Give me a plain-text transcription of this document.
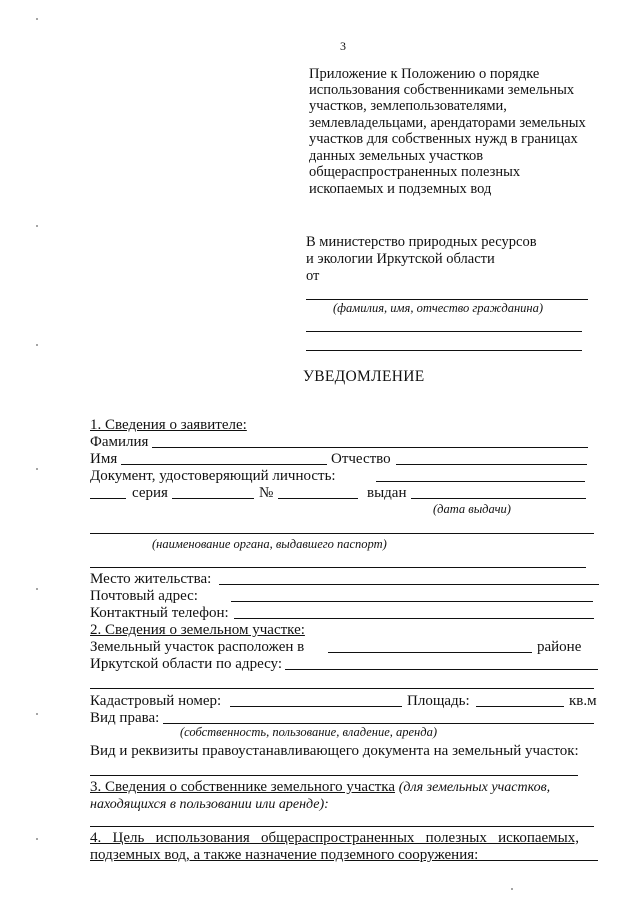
3
Приложение к Положению о порядке
использования собственниками земельных
участков, землепользователями,
землевладельцами, арендаторами земельных
участков для собственных нужд в границах
данных земельных участков
общераспространенных полезных
ископаемых и подземных вод
В министерство природных ресурсов
и экологии Иркутской области
от
(фамилия, имя, отчество гражданина)
УВЕДОМЛЕНИЕ
1. Сведения о заявителе:
Фамилия
Имя	Отчество
Документ, удостоверяющий личность:
серия	№	выдан
(дата выдачи)
(наименование органа, выдавшего паспорт)
Место жительства:
Почтовый адрес:
Контактный телефон:
2. Сведения о земельном участке:
Земельный участок расположен в	районе
Иркутской области по адресу:
Кадастровый номер:	Площадь:	кв.м
Вид права:
(собственность, пользование, владение, аренда)
Вид и реквизиты правоустанавливающего документа на земельный участок:
3. Сведения о собственнике земельного участка (для земельных участков,
находящихся в пользовании или аренде):
4.   Цель   использования   общераспространенных   полезных   ископаемых,
подземных вод, а также назначение подземного сооружения:
